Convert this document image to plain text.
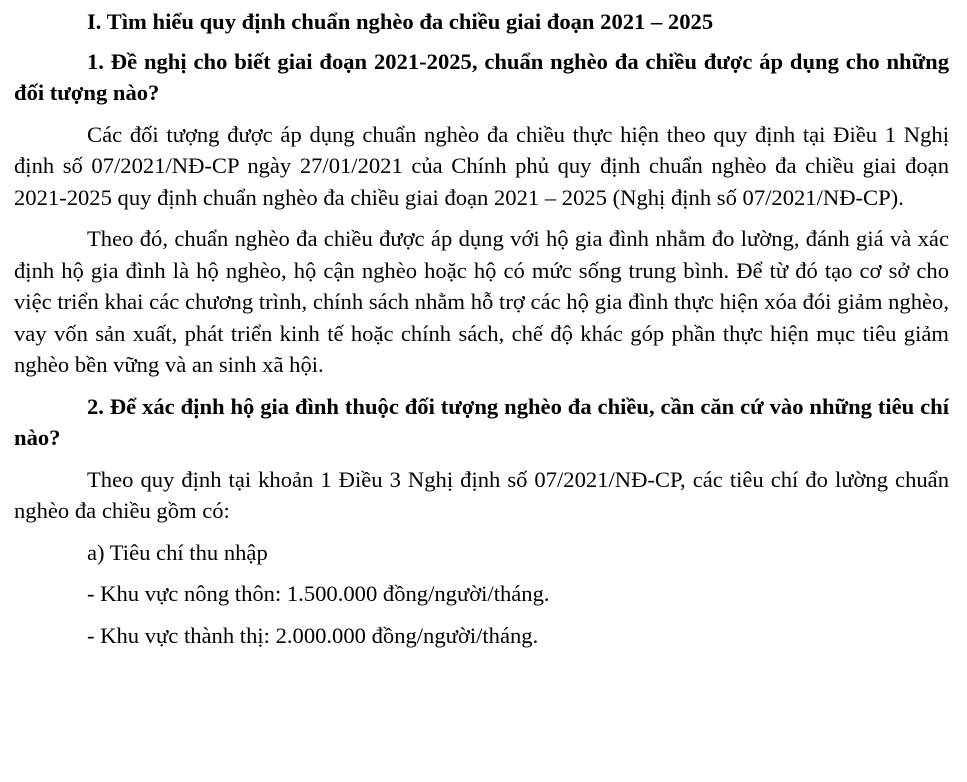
I. Tìm hiểu quy định chuẩn nghèo đa chiều giai đoạn 2021 – 2025

1. Đề nghị cho biết giai đoạn 2021-2025, chuẩn nghèo đa chiều được áp dụng cho những đối tượng nào?

Các đối tượng được áp dụng chuẩn nghèo đa chiều thực hiện theo quy định tại Điều 1 Nghị định số 07/2021/NĐ-CP ngày 27/01/2021 của Chính phủ quy định chuẩn nghèo đa chiều giai đoạn 2021-2025 quy định chuẩn nghèo đa chiều giai đoạn 2021 – 2025 (Nghị định số 07/2021/NĐ-CP).

Theo đó, chuẩn nghèo đa chiều được áp dụng với hộ gia đình nhằm đo lường, đánh giá và xác định hộ gia đình là hộ nghèo, hộ cận nghèo hoặc hộ có mức sống trung bình. Để từ đó tạo cơ sở cho việc triển khai các chương trình, chính sách nhằm hỗ trợ các hộ gia đình thực hiện xóa đói giảm nghèo, vay vốn sản xuất, phát triển kinh tế hoặc chính sách, chế độ khác góp phần thực hiện mục tiêu giảm nghèo bền vững và an sinh xã hội.

2. Để xác định hộ gia đình thuộc đối tượng nghèo đa chiều, cần căn cứ vào những tiêu chí nào?

Theo quy định tại khoản 1 Điều 3 Nghị định số 07/2021/NĐ-CP, các tiêu chí đo lường chuẩn nghèo đa chiều gồm có:

a) Tiêu chí thu nhập

- Khu vực nông thôn: 1.500.000 đồng/người/tháng.

- Khu vực thành thị: 2.000.000 đồng/người/tháng.
